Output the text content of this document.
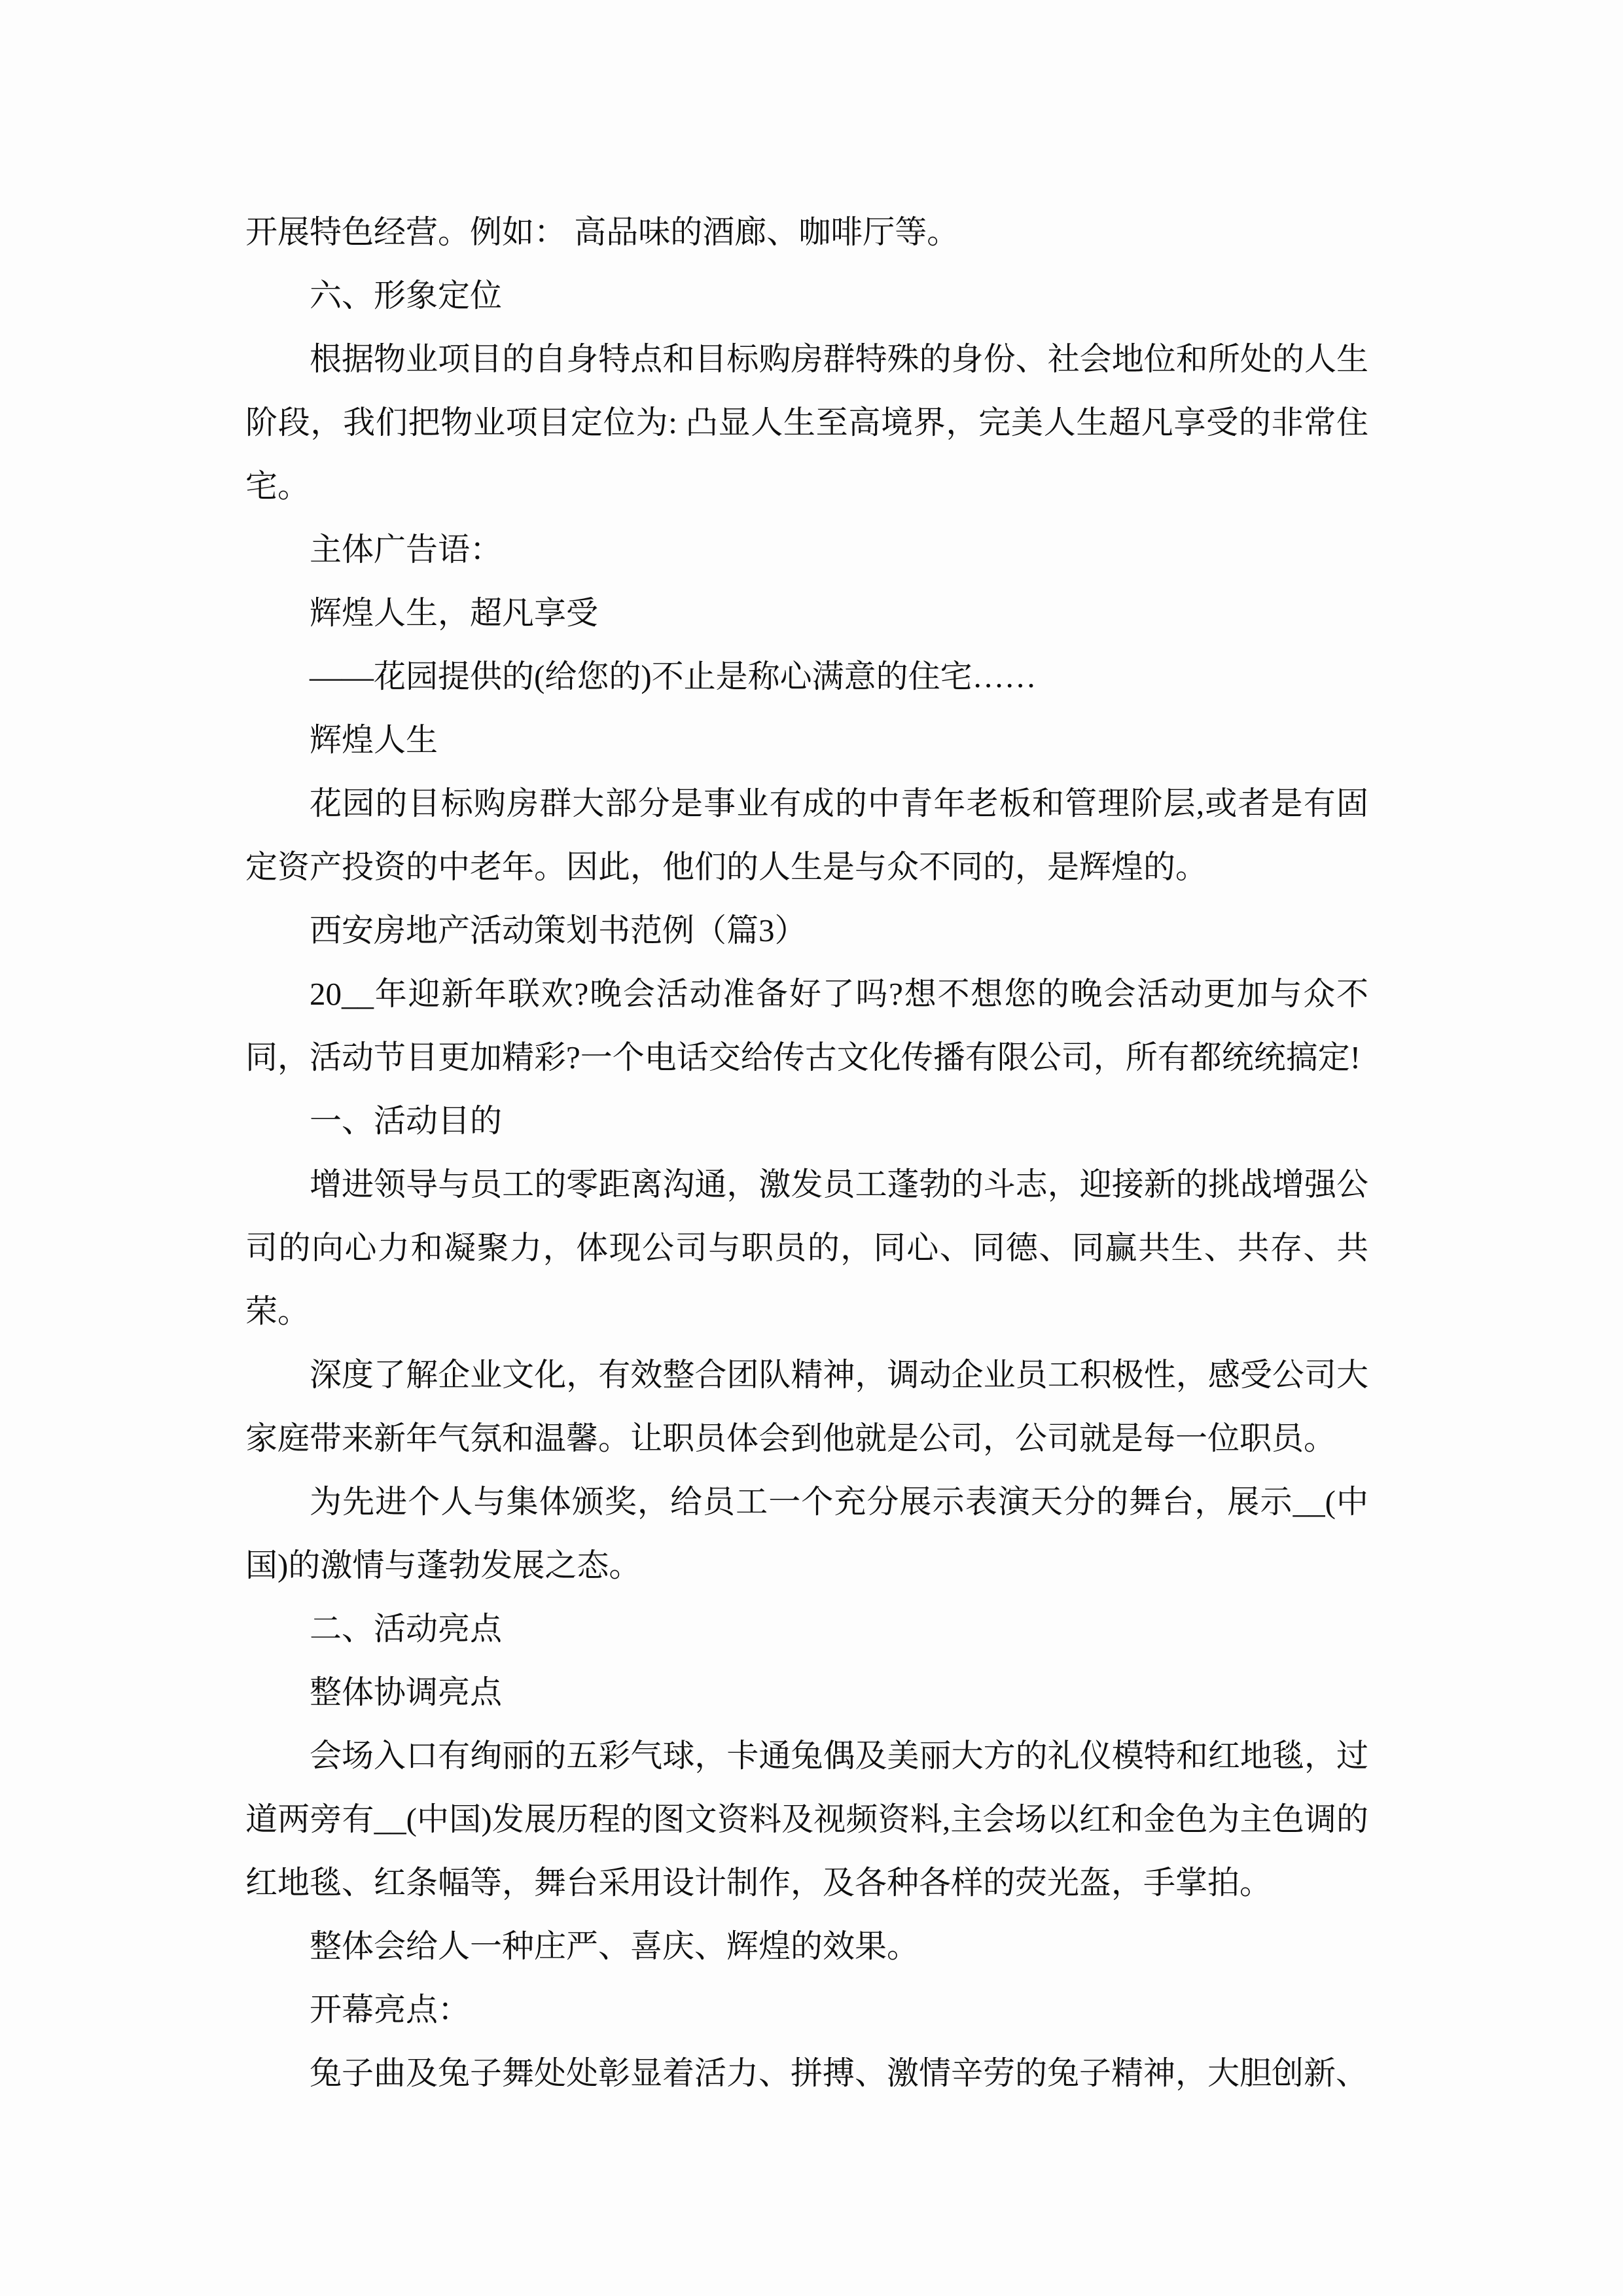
开展特色经营。例如： 高品味的酒廊、咖啡厅等。

六、形象定位

根据物业项目的自身特点和目标购房群特殊的身份、社会地位和所处的人生阶段，我们把物业项目定位为: 凸显人生至高境界，完美人生超凡享受的非常住宅。

主体广告语：

辉煌人生，超凡享受

——花园提供的(给您的)不止是称心满意的住宅……

辉煌人生

花园的目标购房群大部分是事业有成的中青年老板和管理阶层,或者是有固定资产投资的中老年。因此，他们的人生是与众不同的，是辉煌的。

西安房地产活动策划书范例（篇3）

20__年迎新年联欢?晚会活动准备好了吗?想不想您的晚会活动更加与众不同，活动节目更加精彩?一个电话交给传古文化传播有限公司，所有都统统搞定!

一、活动目的

增进领导与员工的零距离沟通，激发员工蓬勃的斗志，迎接新的挑战增强公司的向心力和凝聚力，体现公司与职员的，同心、同德、同赢共生、共存、共荣。

深度了解企业文化，有效整合团队精神，调动企业员工积极性，感受公司大家庭带来新年气氛和温馨。让职员体会到他就是公司，公司就是每一位职员。

为先进个人与集体颁奖，给员工一个充分展示表演天分的舞台，展示__(中国)的激情与蓬勃发展之态。

二、活动亮点

整体协调亮点

会场入口有绚丽的五彩气球，卡通兔偶及美丽大方的礼仪模特和红地毯，过道两旁有__(中国)发展历程的图文资料及视频资料,主会场以红和金色为主色调的红地毯、红条幅等，舞台采用设计制作，及各种各样的荧光盔，手掌拍。

整体会给人一种庄严、喜庆、辉煌的效果。

开幕亮点：

兔子曲及兔子舞处处彰显着活力、拼搏、激情辛劳的兔子精神，大胆创新、
